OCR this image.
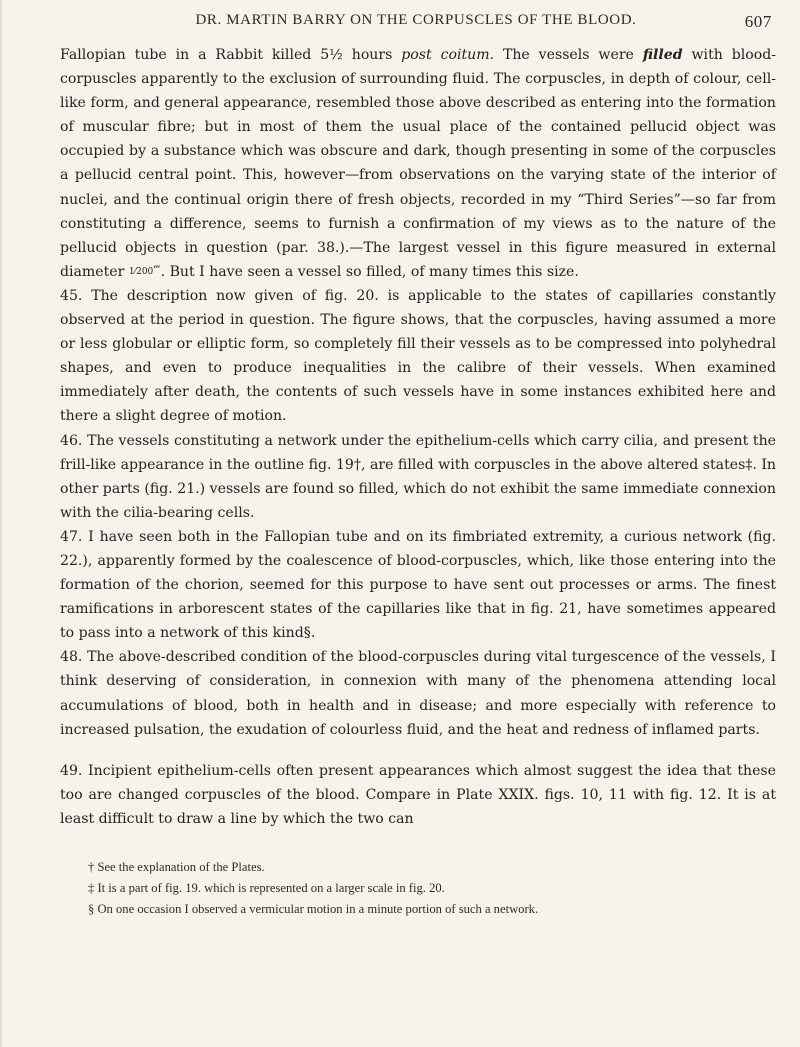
DR. MARTIN BARRY ON THE CORPUSCLES OF THE BLOOD.	607

Fallopian tube in a Rabbit killed 5½ hours post coitum. The vessels were filled with blood-corpuscles apparently to the exclusion of surrounding fluid. The corpuscles, in depth of colour, cell-like form, and general appearance, resembled those above described as entering into the formation of muscular fibre; but in most of them the usual place of the contained pellucid object was occupied by a substance which was obscure and dark, though presenting in some of the corpuscles a pellucid central point. This, however—from observations on the varying state of the interior of nuclei, and the continual origin there of fresh objects, recorded in my “Third Series”—so far from constituting a difference, seems to furnish a confirmation of my views as to the nature of the pellucid objects in question (par. 38.).—The largest vessel in this figure measured in external diameter 1⁄200‴. But I have seen a vessel so filled, of many times this size.

45. The description now given of fig. 20. is applicable to the states of capillaries constantly observed at the period in question. The figure shows, that the corpuscles, having assumed a more or less globular or elliptic form, so completely fill their vessels as to be compressed into polyhedral shapes, and even to produce inequalities in the calibre of their vessels. When examined immediately after death, the contents of such vessels have in some instances exhibited here and there a slight degree of motion.

46. The vessels constituting a network under the epithelium-cells which carry cilia, and present the frill-like appearance in the outline fig. 19†, are filled with corpuscles in the above altered states‡. In other parts (fig. 21.) vessels are found so filled, which do not exhibit the same immediate connexion with the cilia-bearing cells.

47. I have seen both in the Fallopian tube and on its fimbriated extremity, a curious network (fig. 22.), apparently formed by the coalescence of blood-corpuscles, which, like those entering into the formation of the chorion, seemed for this purpose to have sent out processes or arms. The finest ramifications in arborescent states of the capillaries like that in fig. 21, have sometimes appeared to pass into a network of this kind§.

48. The above-described condition of the blood-corpuscles during vital turgescence of the vessels, I think deserving of consideration, in connexion with many of the phenomena attending local accumulations of blood, both in health and in disease; and more especially with reference to increased pulsation, the exudation of colourless fluid, and the heat and redness of inflamed parts.

49. Incipient epithelium-cells often present appearances which almost suggest the idea that these too are changed corpuscles of the blood. Compare in Plate XXIX. figs. 10, 11 with fig. 12. It is at least difficult to draw a line by which the two can

† See the explanation of the Plates.

‡ It is a part of fig. 19. which is represented on a larger scale in fig. 20.

§ On one occasion I observed a vermicular motion in a minute portion of such a network.
